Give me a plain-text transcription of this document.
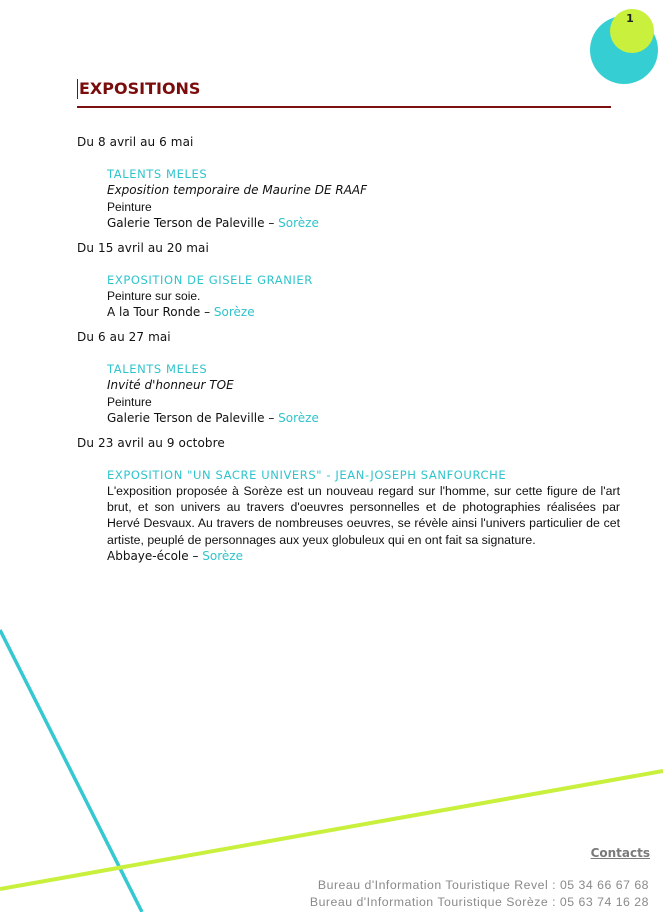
1
EXPOSITIONS
Du 8 avril au 6 mai
TALENTS MELES
Exposition temporaire de Maurine DE RAAF
Peinture
Galerie Terson de Paleville – Sorèze
Du 15 avril au 20 mai
EXPOSITION DE GISELE GRANIER
Peinture sur soie.
A la Tour Ronde – Sorèze
Du 6 au 27 mai
TALENTS MELES
Invité d'honneur TOE
Peinture
Galerie Terson de Paleville – Sorèze
Du 23 avril au 9 octobre
EXPOSITION "UN SACRE UNIVERS" - JEAN-JOSEPH SANFOURCHE
L'exposition proposée à Sorèze est un nouveau regard sur l'homme, sur cette figure de l'art brut, et son univers au travers d'oeuvres personnelles et de photographies réalisées par Hervé Desvaux. Au travers de nombreuses oeuvres, se révèle ainsi l'univers particulier de cet artiste, peuplé de personnages aux yeux globuleux qui en ont fait sa signature.
Abbaye-école – Sorèze
Contacts
Bureau d'Information Touristique Revel : 05 34 66 67 68
Bureau d'Information Touristique Sorèze : 05 63 74 16 28
